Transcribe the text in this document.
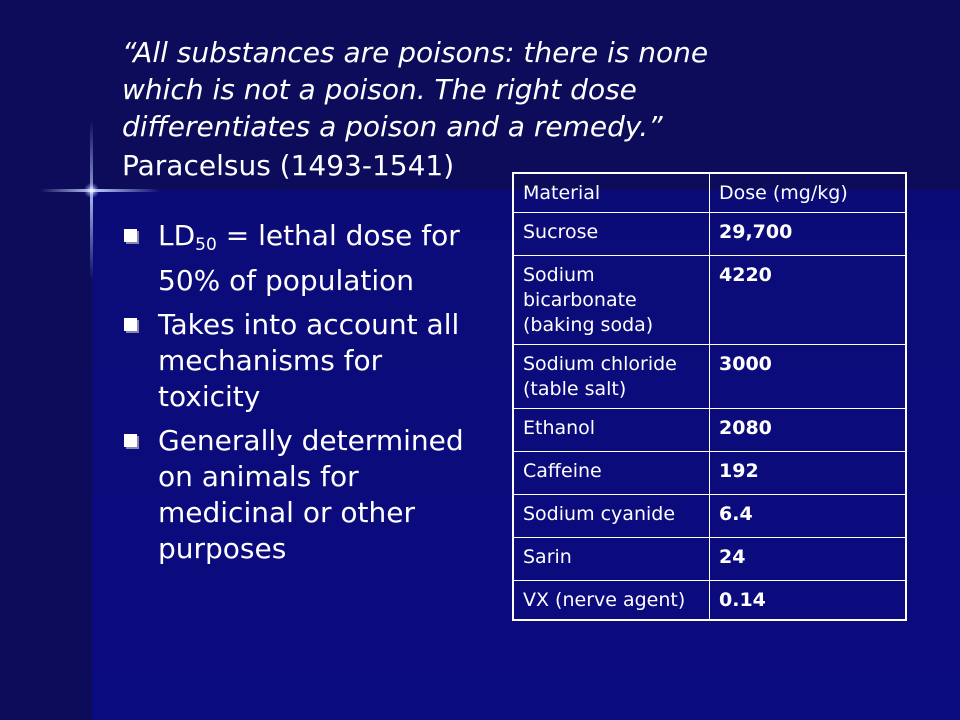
“All substances are poisons: there is none which is not a poison. The right dose differentiates a poison and a remedy.”

Paracelsus (1493-1541)

$LD_{50}$ = lethal dose for 50% of population
Takes into account all mechanisms for toxicity
Generally determined on animals for medicinal or other purposes
Material	Dose (mg/kg)
Sucrose	29,700
Sodium bicarbonate (baking soda)	4220
Sodium chloride (table salt)	3000
Ethanol	2080
Caffeine	192
Sodium cyanide	6.4
Sarin	24
VX (nerve agent)	0.14
